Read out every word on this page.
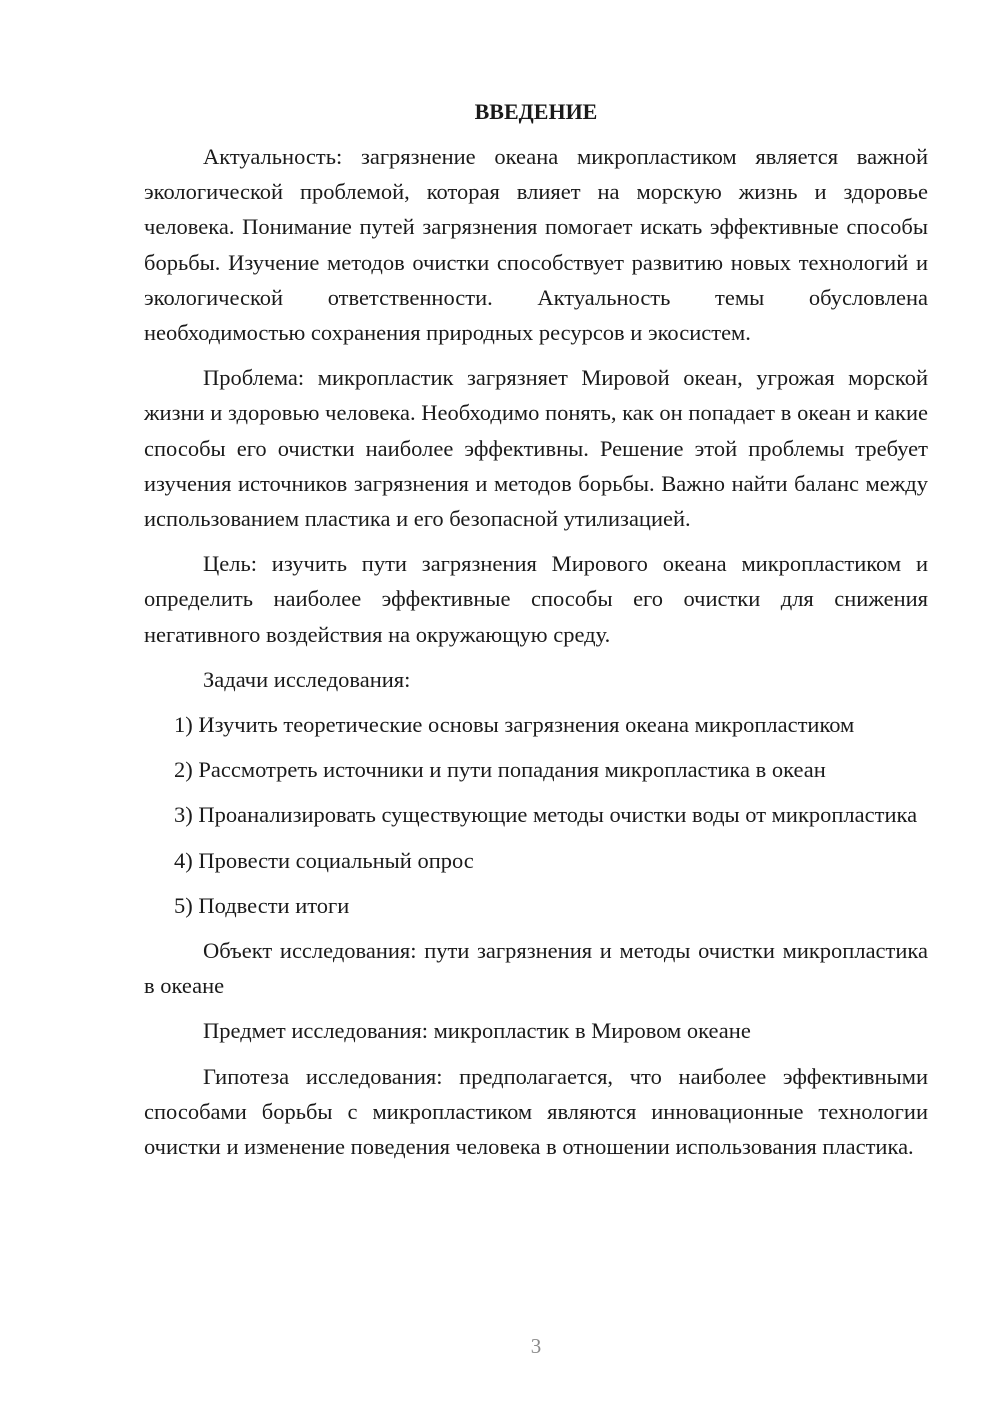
ВВЕДЕНИЕ

Актуальность: загрязнение океана микропластиком является важной экологической проблемой, которая влияет на морскую жизнь и здоровье человека. Понимание путей загрязнения помогает искать эффективные способы борьбы. Изучение методов очистки способствует развитию новых технологий и экологической ответственности. Актуальность темы обусловлена необходимостью сохранения природных ресурсов и экосистем.

Проблема: микропластик загрязняет Мировой океан, угрожая морской жизни и здоровью человека. Необходимо понять, как он попадает в океан и какие способы его очистки наиболее эффективны. Решение этой проблемы требует изучения источников загрязнения и методов борьбы. Важно найти баланс между использованием пластика и его безопасной утилизацией.

Цель: изучить пути загрязнения Мирового океана микропластиком и определить наиболее эффективные способы его очистки для снижения негативного воздействия на окружающую среду.

Задачи исследования:

1) Изучить теоретические основы загрязнения океана микропластиком

2) Рассмотреть источники и пути попадания микропластика в океан

3) Проанализировать существующие методы очистки воды от микропластика

4) Провести социальный опрос

5) Подвести итоги

Объект исследования: пути загрязнения и методы очистки микропластика в океане

Предмет исследования: микропластик в Мировом океане

Гипотеза исследования: предполагается, что наиболее эффективными способами борьбы с микропластиком являются инновационные технологии очистки и изменение поведения человека в отношении использования пластика.

3
